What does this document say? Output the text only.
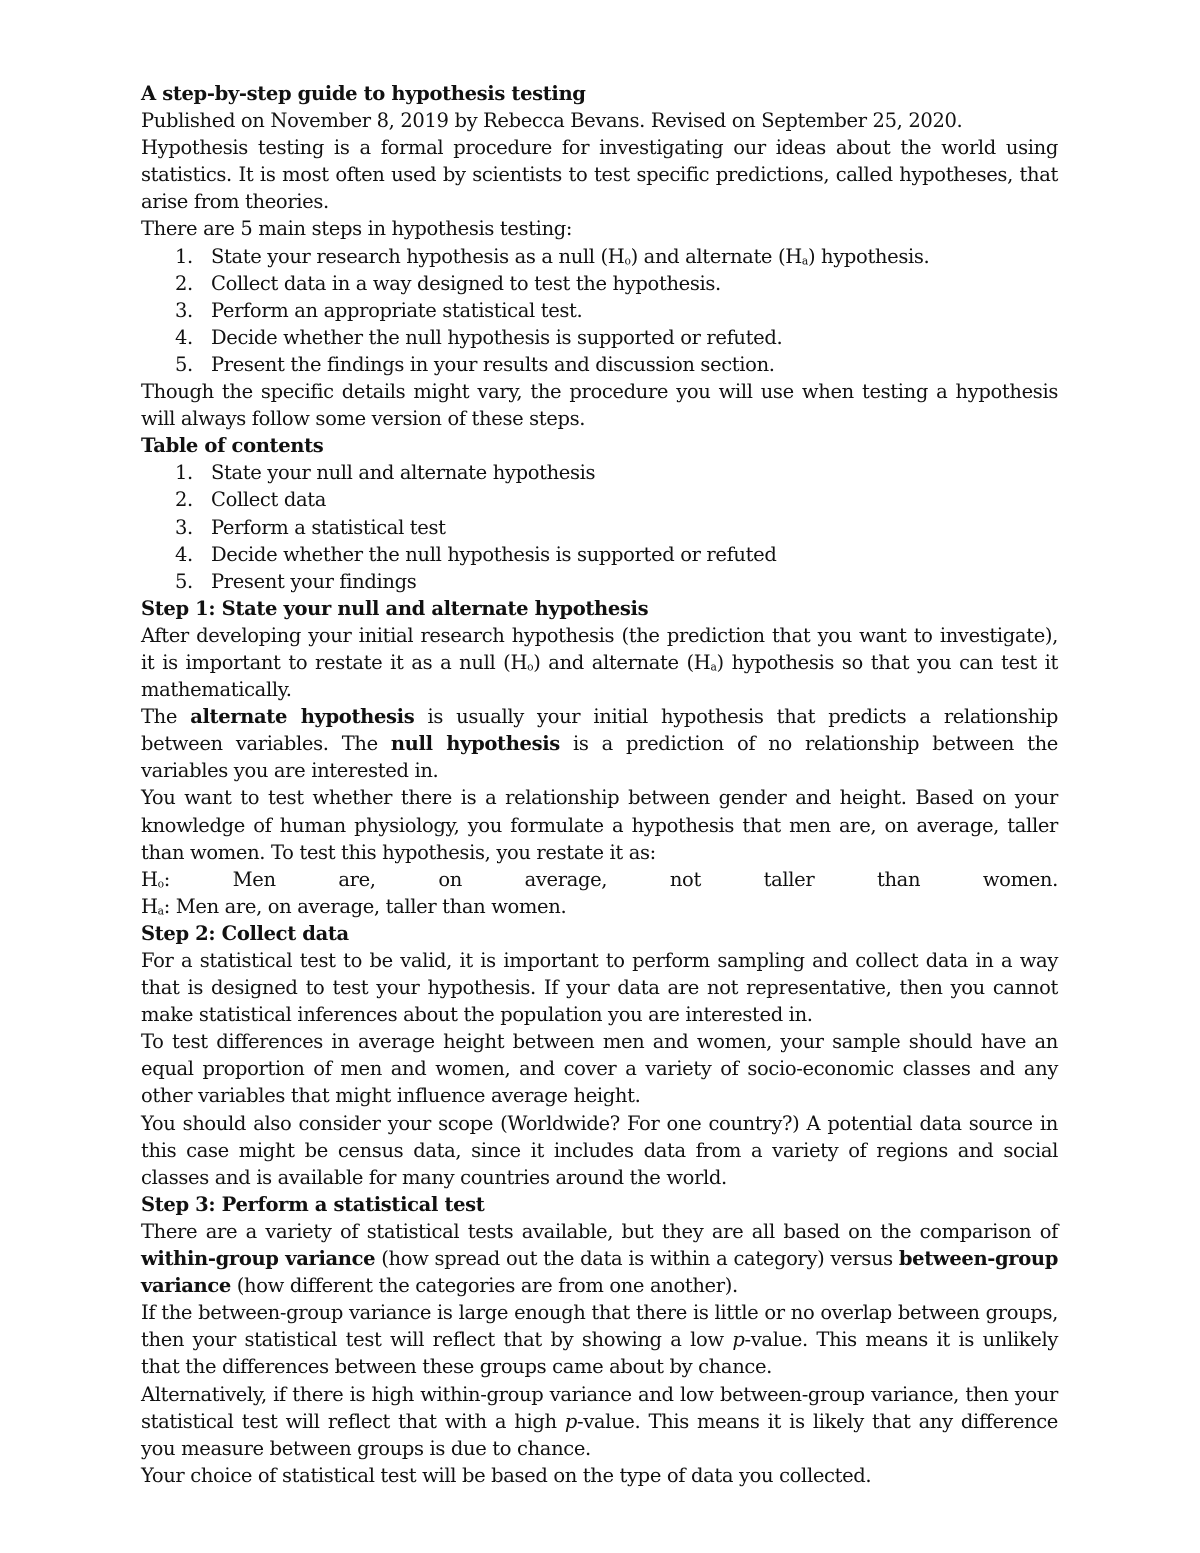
A step-by-step guide to hypothesis testing

Published on November 8, 2019 by Rebecca Bevans. Revised on September 25, 2020.

Hypothesis testing is a formal procedure for investigating our ideas about the world using statistics. It is most often used by scientists to test specific predictions, called hypotheses, that arise from theories.

There are 5 main steps in hypothesis testing:

1. State your research hypothesis as a null $(H_o)$ and alternate $(H_a)$ hypothesis.
2. Collect data in a way designed to test the hypothesis.
3. Perform an appropriate statistical test.
4. Decide whether the null hypothesis is supported or refuted.
5. Present the findings in your results and discussion section.

Though the specific details might vary, the procedure you will use when testing a hypothesis will always follow some version of these steps.

Table of contents
1. State your null and alternate hypothesis
2. Collect data
3. Perform a statistical test
4. Decide whether the null hypothesis is supported or refuted
5. Present your findings
Step 1: State your null and alternate hypothesis

After developing your initial research hypothesis (the prediction that you want to investigate), it is important to restate it as a null $(H_o)$ and alternate $(H_a)$ hypothesis so that you can test it mathematically.

The alternate hypothesis is usually your initial hypothesis that predicts a relationship between variables. The null hypothesis is a prediction of no relationship between the variables you are interested in.

You want to test whether there is a relationship between gender and height. Based on your knowledge of human physiology, you formulate a hypothesis that men are, on average, taller than women. To test this hypothesis, you restate it as:

$H_o$:	Men	are,	on	average,	not	taller	than	women.

$H_a$: Men are, on average, taller than women.

Step 2: Collect data

For a statistical test to be valid, it is important to perform sampling and collect data in a way that is designed to test your hypothesis. If your data are not representative, then you cannot make statistical inferences about the population you are interested in.

To test differences in average height between men and women, your sample should have an equal proportion of men and women, and cover a variety of socio-economic classes and any other variables that might influence average height.

You should also consider your scope (Worldwide? For one country?) A potential data source in this case might be census data, since it includes data from a variety of regions and social classes and is available for many countries around the world.

Step 3: Perform a statistical test

There are a variety of statistical tests available, but they are all based on the comparison of within-group variance (how spread out the data is within a category) versus between-group variance (how different the categories are from one another).

If the between-group variance is large enough that there is little or no overlap between groups, then your statistical test will reflect that by showing a low p-value. This means it is unlikely that the differences between these groups came about by chance.

Alternatively, if there is high within-group variance and low between-group variance, then your statistical test will reflect that with a high p-value. This means it is likely that any difference you measure between groups is due to chance.

Your choice of statistical test will be based on the type of data you collected.
